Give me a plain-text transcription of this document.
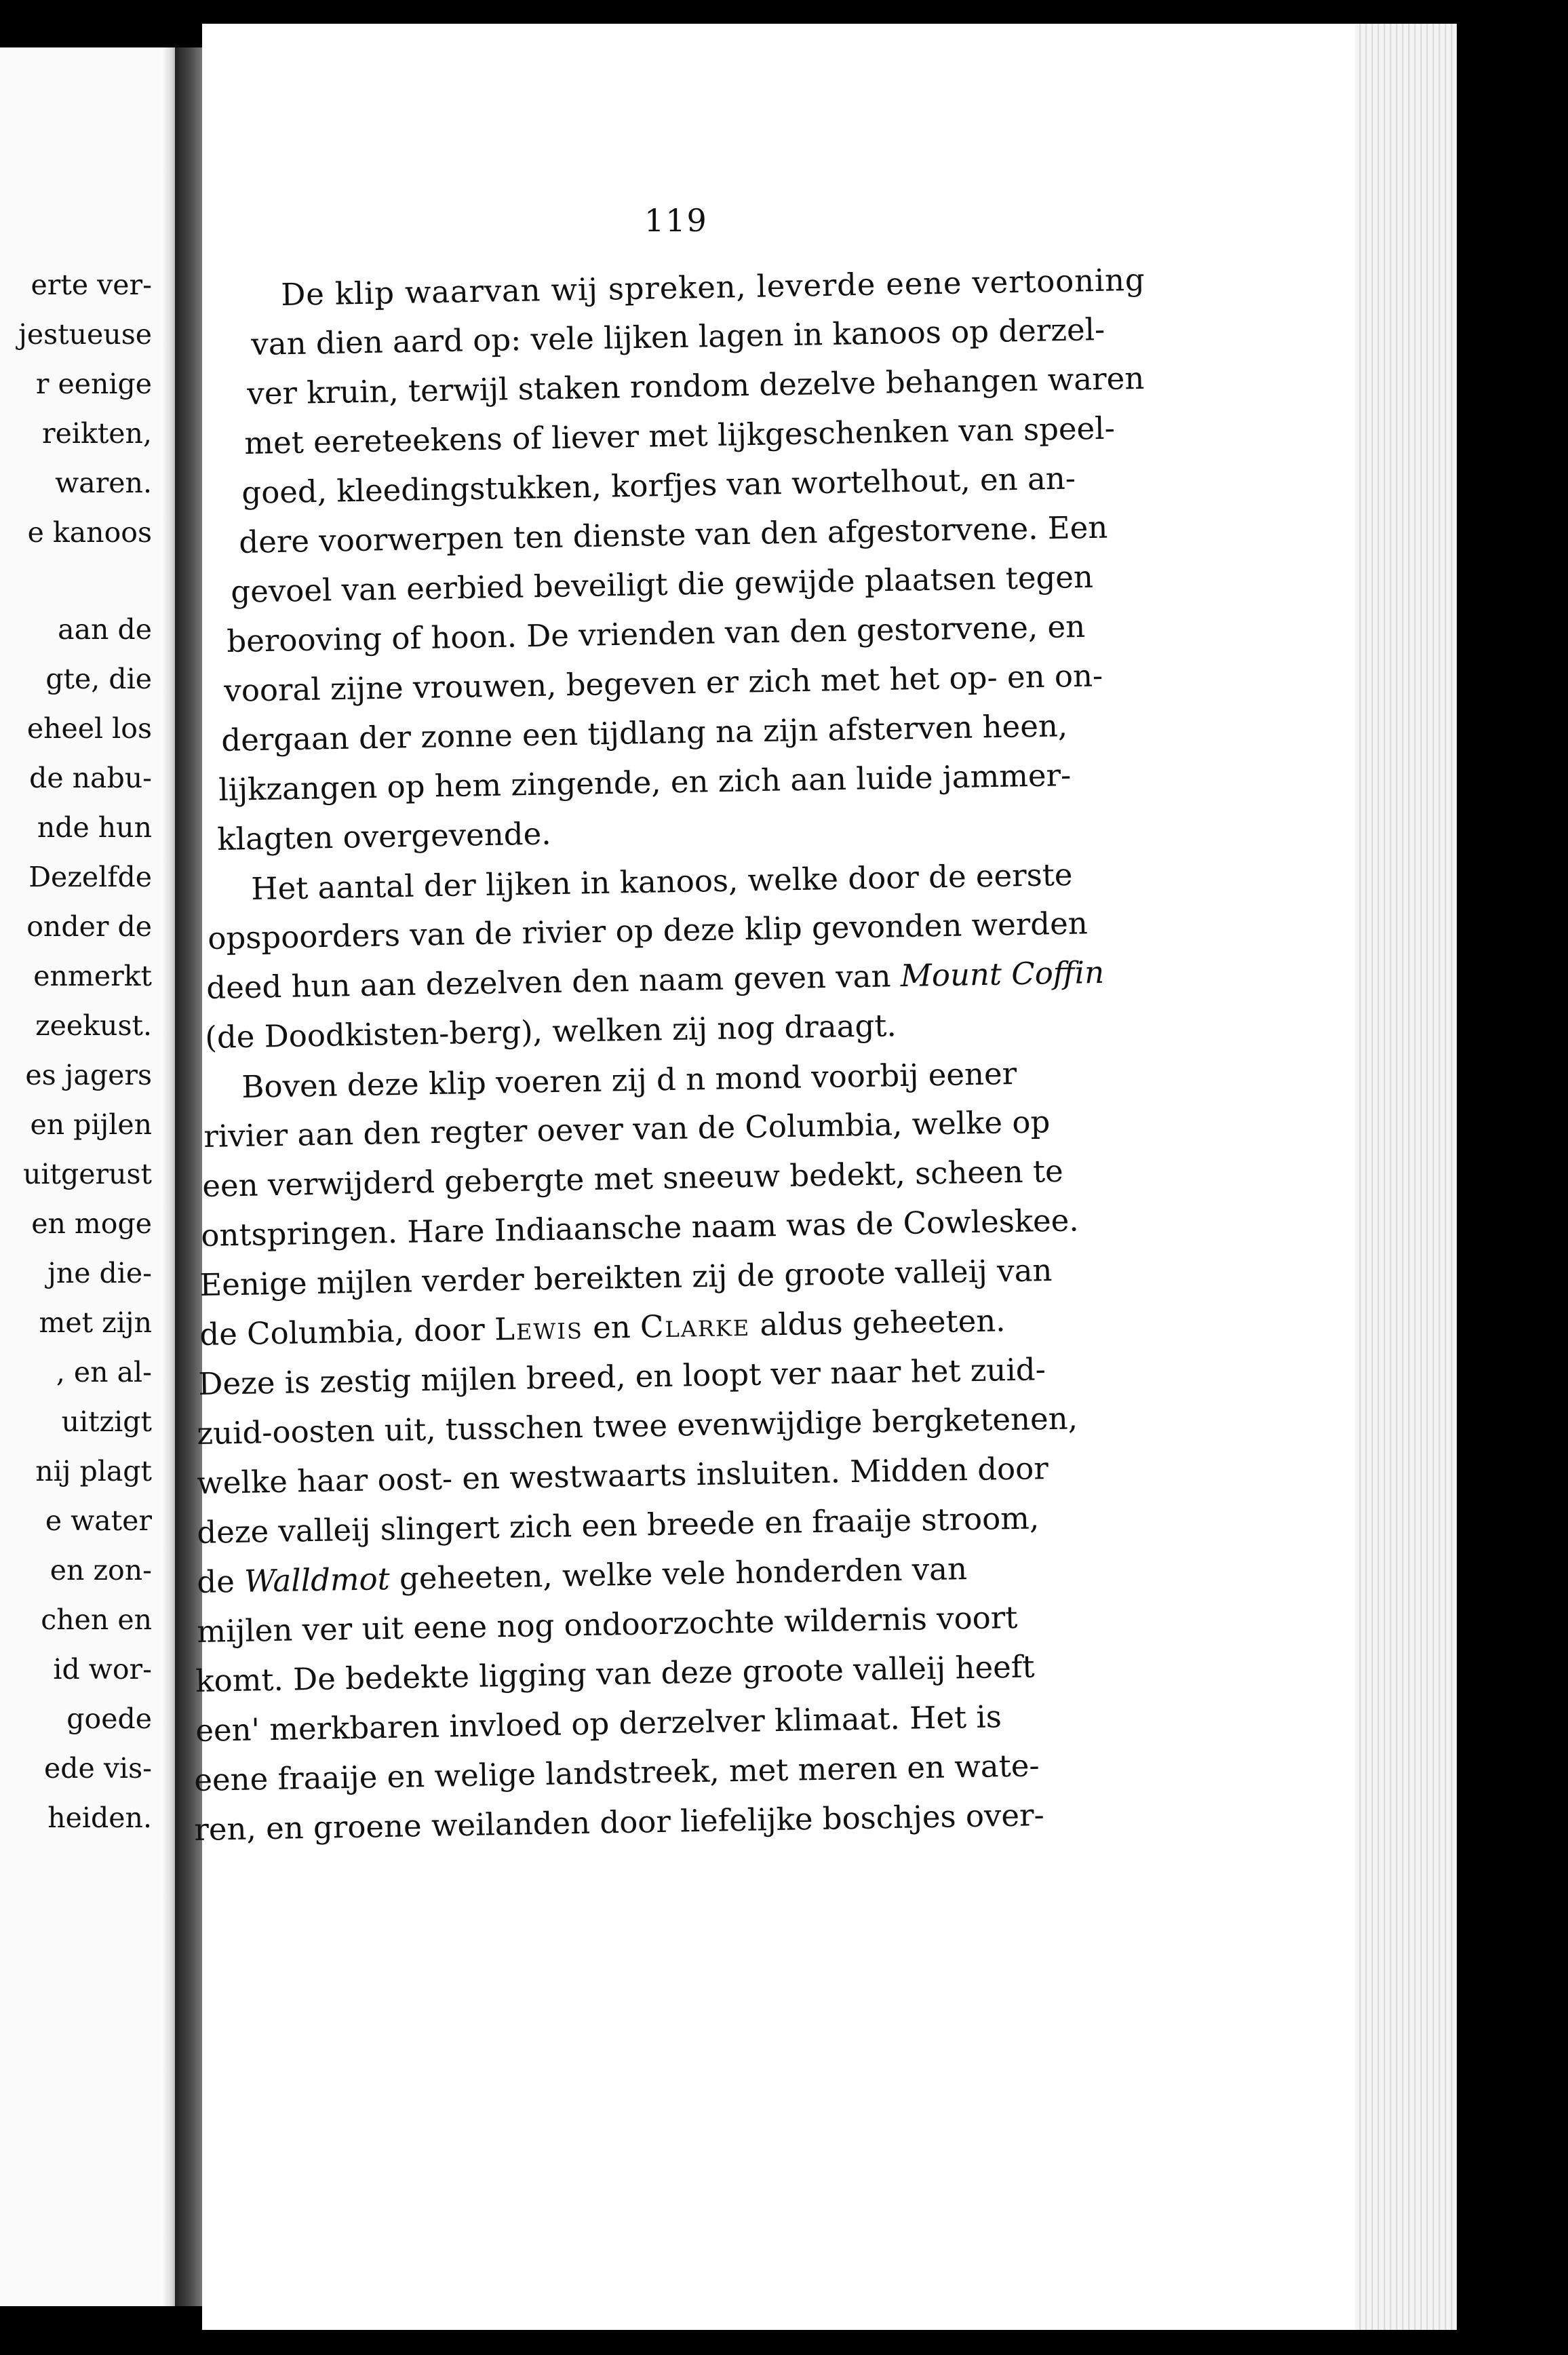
erte ver-
jestueuse
r eenige
reikten,
waren.
e kanoos
aan de
gte, die
eheel los
de nabu-
nde hun
Dezelfde
onder de
enmerkt
zeekust.
es jagers
en pijlen
uitgerust
en moge
jne die-
met zijn
, en al-
uitzigt
nij plagt
e water
en zon-
chen en
id wor-
goede
ede vis-
heiden.
119
De klip waarvan wij spreken, leverde eene vertooning
van dien aard op: vele lijken lagen in kanoos op derzel-
ver kruin, terwijl staken rondom dezelve behangen waren
met eereteekens of liever met lijkgeschenken van speel-
goed, kleedingstukken, korfjes van wortelhout, en an-
dere voorwerpen ten dienste van den afgestorvene. Een
gevoel van eerbied beveiligt die gewijde plaatsen tegen
berooving of hoon. De vrienden van den gestorvene, en
vooral zijne vrouwen, begeven er zich met het op- en on-
dergaan der zonne een tijdlang na zijn afsterven heen,
lijkzangen op hem zingende, en zich aan luide jammer-
klagten overgevende.
Het aantal der lijken in kanoos, welke door de eerste
opspoorders van de rivier op deze klip gevonden werden
deed hun aan dezelven den naam geven van Mount Coffin
(de Doodkisten-berg), welken zij nog draagt.
Boven deze klip voeren zij d n mond voorbij eener
rivier aan den regter oever van de Columbia, welke op
een verwijderd gebergte met sneeuw bedekt, scheen te
ontspringen. Hare Indiaansche naam was de Cowleskee.
Eenige mijlen verder bereikten zij de groote valleij van
de Columbia, door Lewis en Clarke aldus geheeten.
Deze is zestig mijlen breed, en loopt ver naar het zuid-
zuid-oosten uit, tusschen twee evenwijdige bergketenen,
welke haar oost- en westwaarts insluiten. Midden door
deze valleij slingert zich een breede en fraaije stroom,
de Walldmot geheeten, welke vele honderden van
mijlen ver uit eene nog ondoorzochte wildernis voort
komt. De bedekte ligging van deze groote valleij heeft
een' merkbaren invloed op derzelver klimaat. Het is
eene fraaije en welige landstreek, met meren en wate-
ren, en groene weilanden door liefelijke boschjes over-
